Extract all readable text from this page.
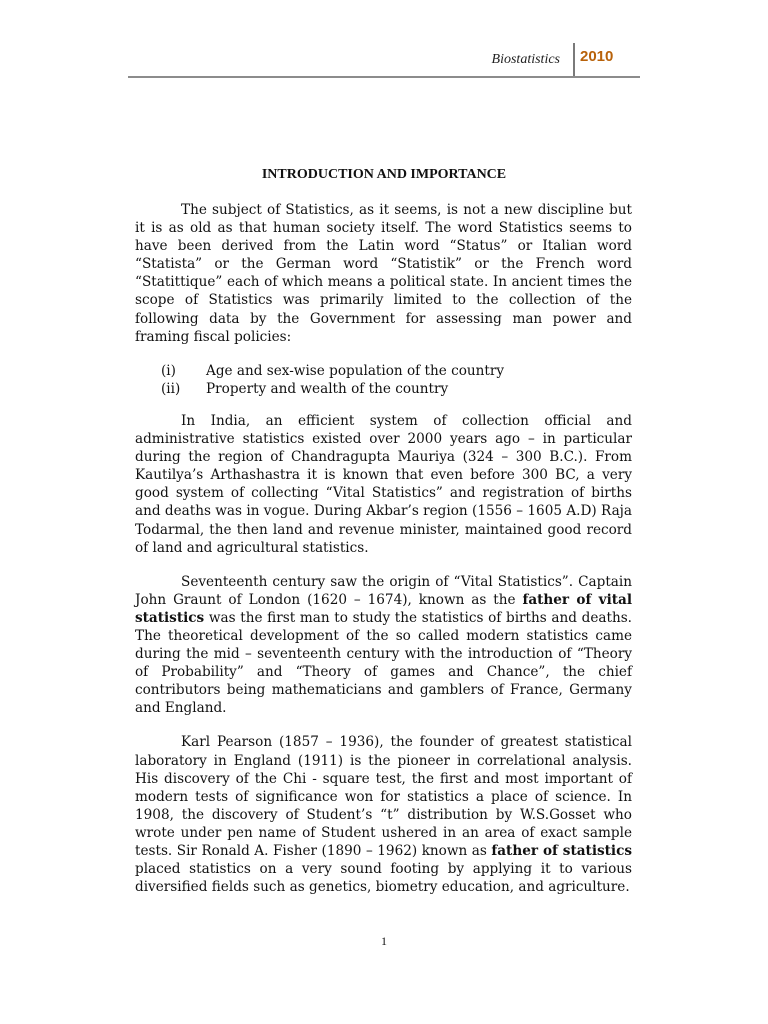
Biostatistics 2010
INTRODUCTION AND IMPORTANCE

The subject of Statistics, as it seems, is not a new discipline but it is as old as that human society itself. The word Statistics seems to have been derived from the Latin word “Status” or Italian word “Statista” or the German word “Statistik” or the French word “Statittique” each of which means a political state. In ancient times the scope of Statistics was primarily limited to the collection of the following data by the Government for assessing man power and framing fiscal policies:

(i)	Age and sex-wise population of the country
(ii)	Property and wealth of the country

In India, an efficient system of collection official and administrative statistics existed over 2000 years ago – in particular during the region of Chandragupta Mauriya (324 – 300 B.C.). From Kautilya’s Arthashastra it is known that even before 300 BC, a very good system of collecting “Vital Statistics” and registration of births and deaths was in vogue. During Akbar’s region (1556 – 1605 A.D) Raja Todarmal, the then land and revenue minister, maintained good record of land and agricultural statistics.

Seventeenth century saw the origin of “Vital Statistics”. Captain John Graunt of London (1620 – 1674), known as the father of vital statistics was the first man to study the statistics of births and deaths. The theoretical development of the so called modern statistics came during the mid – seventeenth century with the introduction of “Theory of Probability” and “Theory of games and Chance”, the chief contributors being mathematicians and gamblers of France, Germany and England.

Karl Pearson (1857 – 1936), the founder of greatest statistical laboratory in England (1911) is the pioneer in correlational analysis. His discovery of the Chi - square test, the first and most important of modern tests of significance won for statistics a place of science. In 1908, the discovery of Student’s “t” distribution by W.S.Gosset who wrote under pen name of Student ushered in an area of exact sample tests. Sir Ronald A. Fisher (1890 – 1962) known as father of statistics placed statistics on a very sound footing by applying it to various diversified fields such as genetics, biometry education, and agriculture.

1
